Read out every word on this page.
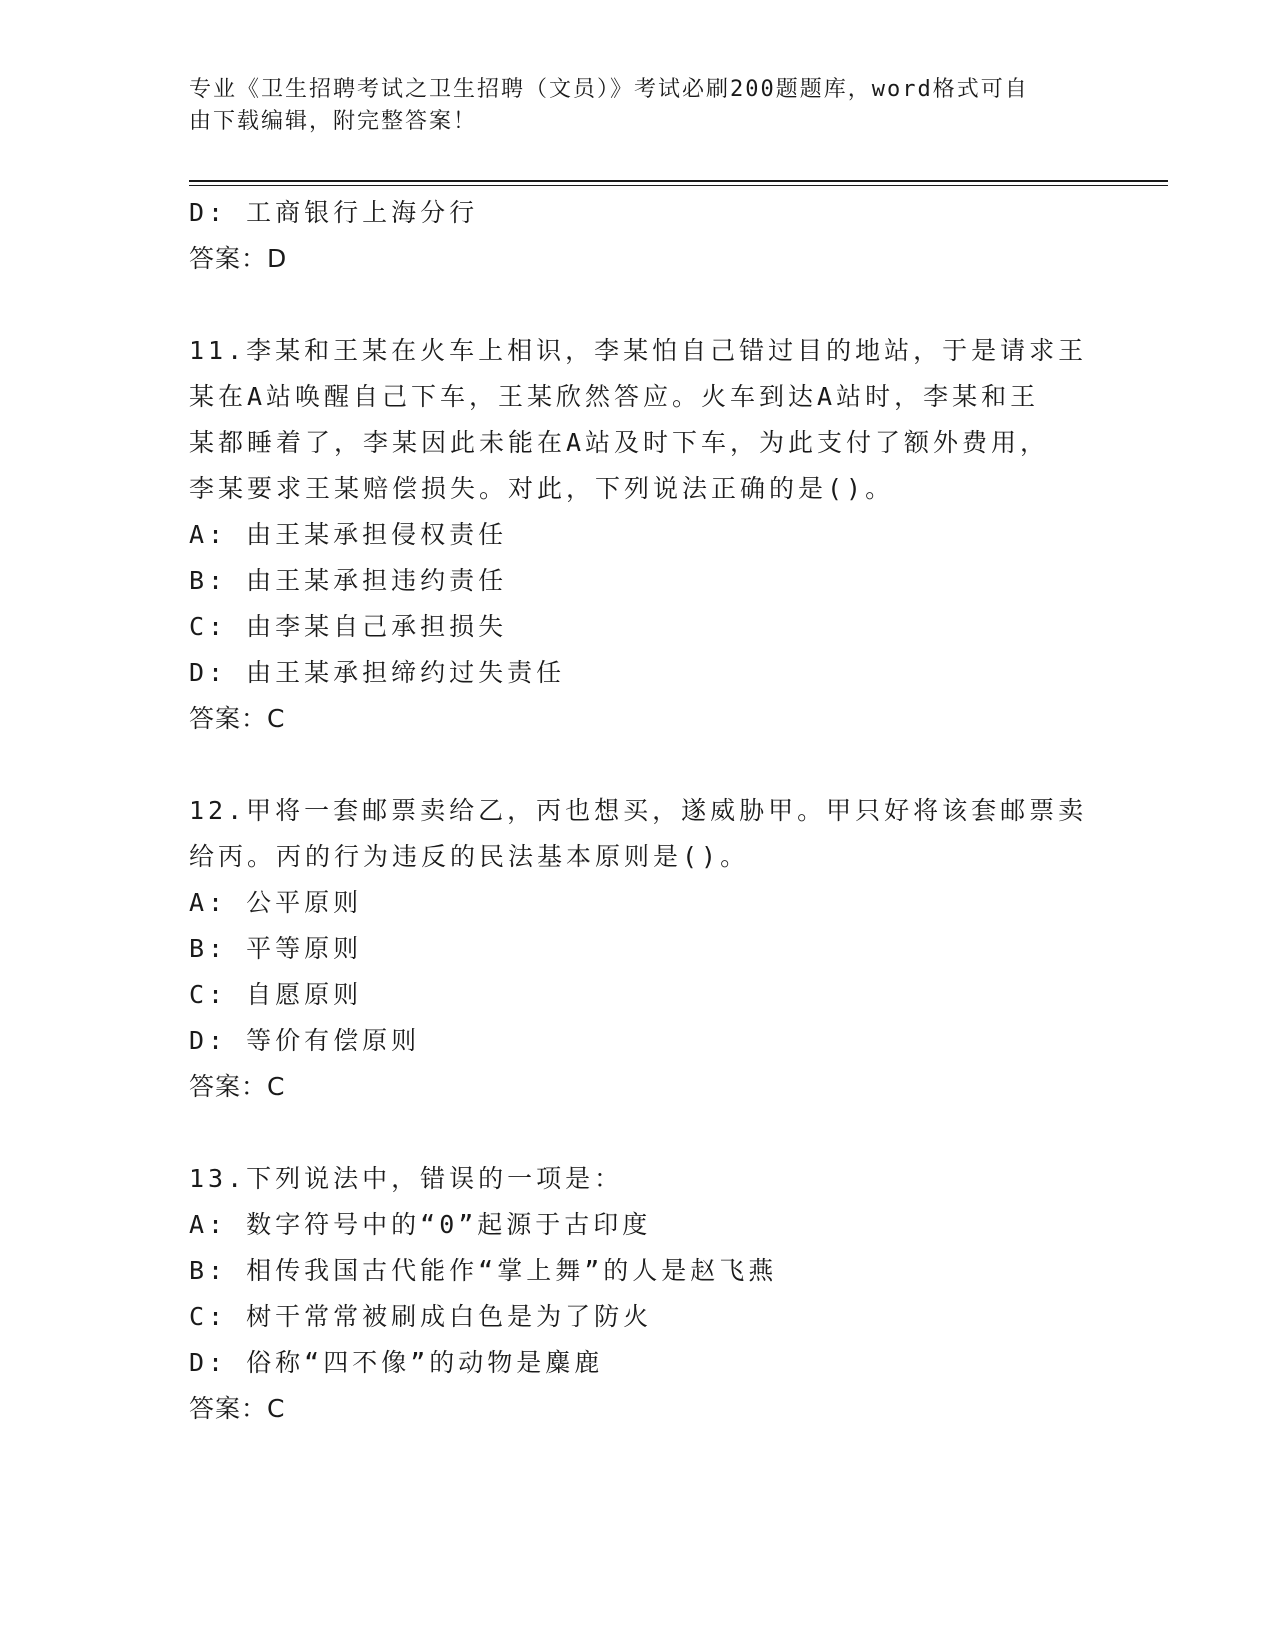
专业《卫生招聘考试之卫生招聘（文员）》考试必刷200题题库，word格式可自
由下载编辑，附完整答案！
D: 工商银行上海分行
答案：D
11.李某和王某在火车上相识，李某怕自己错过目的地站，于是请求王
某在A站唤醒自己下车，王某欣然答应。火车到达A站时，李某和王
某都睡着了，李某因此未能在A站及时下车，为此支付了额外费用，
李某要求王某赔偿损失。对此，下列说法正确的是()。
A: 由王某承担侵权责任
B: 由王某承担违约责任
C: 由李某自己承担损失
D: 由王某承担缔约过失责任
答案：C
12.甲将一套邮票卖给乙，丙也想买，遂威胁甲。甲只好将该套邮票卖
给丙。丙的行为违反的民法基本原则是()。
A: 公平原则
B: 平等原则
C: 自愿原则
D: 等价有偿原则
答案：C
13.下列说法中，错误的一项是：
A: 数字符号中的“0”起源于古印度
B: 相传我国古代能作“掌上舞”的人是赵飞燕
C: 树干常常被刷成白色是为了防火
D: 俗称“四不像”的动物是麋鹿
答案：C
